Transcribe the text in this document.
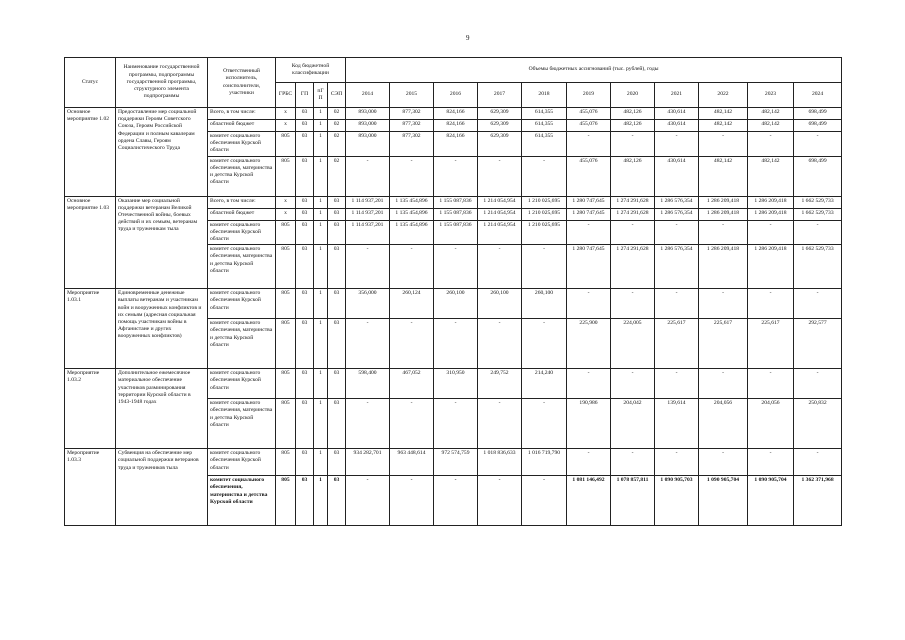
9
Статус	Наименование государственной программы, подпрограммы государственной программы, структурного элемента подпрограммы	Ответственный исполнитель, соисполнители, участники	Код бюджетной классификации				Объемы бюджетных ассигнований (тыс. рублей), годы										
			ГРБС	ГП	пГП	СЭП	2014	2015	2016	2017	2018	2019	2020	2021	2022	2023	2024
Основное мероприятие 1.02	Предоставление мер социальной поддержки Героям Советского Союза, Героям Российской Федерации и полным кавалерам ордена Славы, Героям Социалистического Труда	Всего, в том числе:	x	03	1	02	893,000	877,302	824,166	629,309	614,355	455,076	482,126	430,614	482,142	482,142	698,499
		областной бюджет	x	03	1	02	893,000	877,302	824,166	629,309	614,355	455,076	482,126	430,614	482,142	482,142	698,499
		комитет социального обеспечения Курской области	805	03	1	02	893,000	877,302	824,166	629,309	614,355	-	-	-	-	-	-
		комитет социального обеспечения, материнства и детства Курской области	805	03	1	02	-	-	-	-	-	455,076	482,126	430,614	482,142	482,142	698,499
Основное мероприятие 1.03	Оказание мер социальной поддержки ветеранам Великой Отечественной войны, боевых действий и их семьям, ветеранам труда и труженикам тыла	Всего, в том числе:	x	03	1	03	1 114 937,201	1 135 454,896	1 155 087,836	1 214 054,954	1 210 025,695	1 280 747,645	1 274 291,628	1 286 576,354	1 286 209,418	1 286 209,418	1 662 529,733
		областной бюджет	x	03	1	03	1 114 937,201	1 135 454,896	1 155 087,836	1 214 054,954	1 210 025,695	1 280 747,645	1 274 291,628	1 286 576,354	1 286 209,418	1 286 209,418	1 662 529,733
		комитет социального обеспечения Курской области	805	03	1	03	1 114 937,201	1 135 454,896	1 155 087,836	1 214 054,954	1 210 025,695	-	-	-	-	-	-
		комитет социального обеспечения, материнства и детства Курской области	805	03	1	03	-	-	-	-	-	1 280 747,645	1 274 291,628	1 286 576,354	1 286 209,418	1 286 209,418	1 662 529,733
Мероприятие 1.03.1	Единовременные денежные выплаты ветеранам и участникам войн и вооруженных конфликтов и их семьям (адресная социальная помощь участникам войны в Афганистане и других вооруженных конфликтов)	комитет социального обеспечения Курской области	805	03	1	03	356,000	260,124	260,100	260,100	260,100	-	-	-	-	-	-
		комитет социального обеспечения, материнства и детства Курской области	805	03	1	03	-	-	-	-	-	225,900	224,005	225,617	225,617	225,617	292,577
Мероприятие 1.03.2	Дополнительное ежемесячное материальное обеспечение участников разминирования территории Курской области в 1943-1948 годах	комитет социального обеспечения Курской области	805	03	1	03	598,400	467,052	310,950	249,752	214,240	-	-	-	-	-	-
		комитет социального обеспечения, материнства и детства Курской области	805	03	1	03	-	-	-	-	-	190,986	204,042	139,614	204,056	204,056	250,832
Мероприятие 1.03.3	Субвенция на обеспечение мер социальной поддержки ветеранов труда и тружеников тыла	комитет социального обеспечения Курской области	805	03	1	03	934 282,701	963 448,614	972 574,759	1 018 836,633	1 016 719,790	-	-	-	-	-	-
		комитет социального обеспечения, материнства и детства Курской области	805	03	1	03	-	-	-	-	-	1 081 146,492	1 078 857,811	1 090 905,703	1 090 905,704	1 090 905,704	1 362 371,968
